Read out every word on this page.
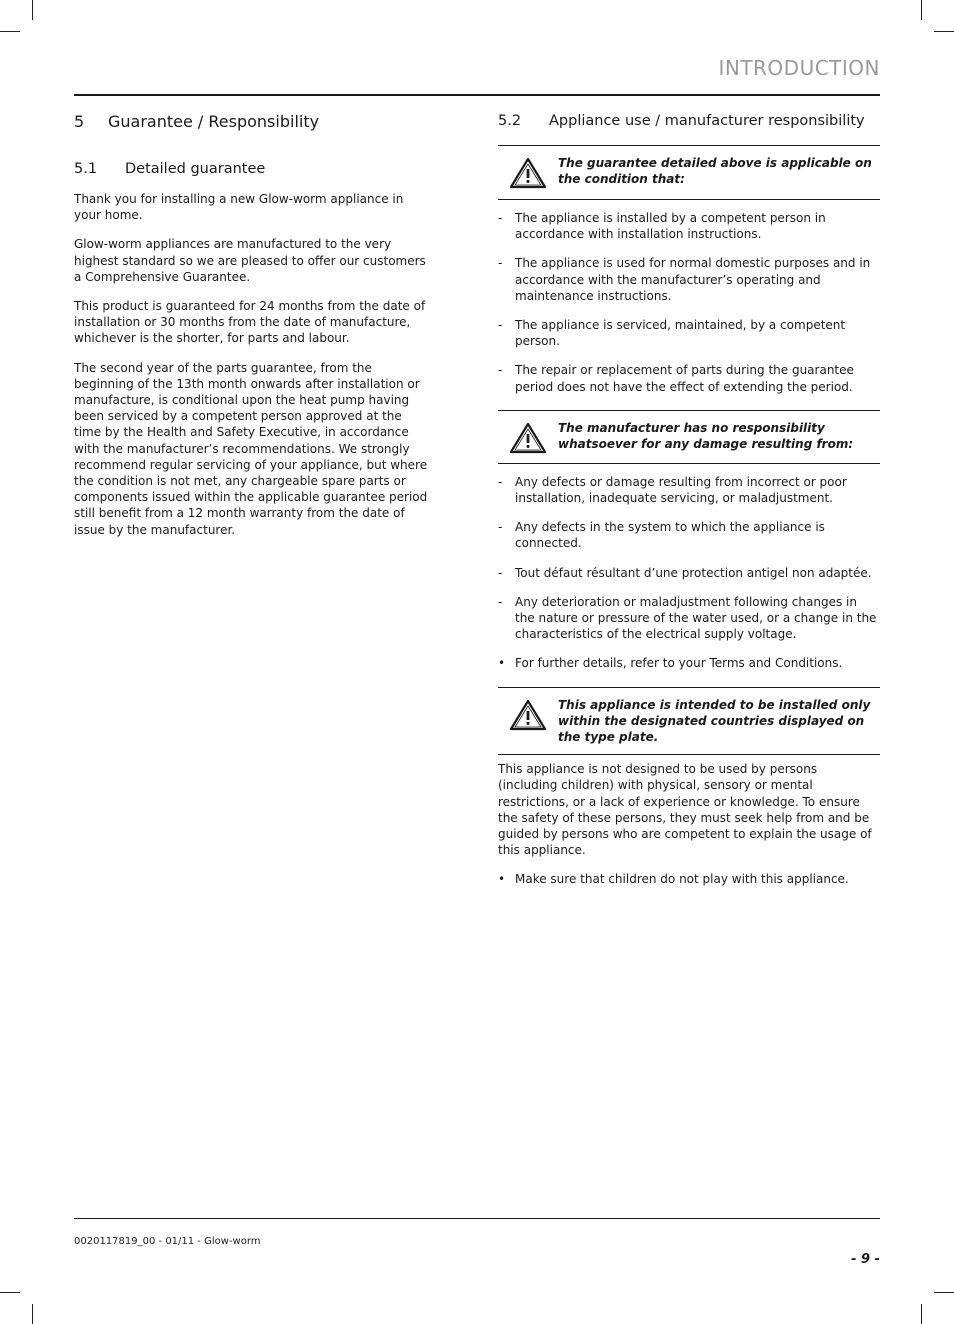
INTRODUCTION
5	Guarantee / Responsibility
5.1	Detailed guarantee

Thank you for installing a new Glow-worm appliance in your home.

Glow-worm appliances are manufactured to the very highest standard so we are pleased to offer our customers a Comprehensive Guarantee.

This product is guaranteed for 24 months from the date of installation or 30 months from the date of manufacture, whichever is the shorter, for parts and labour.

The second year of the parts guarantee, from the beginning of the 13th month onwards after installation or manufacture, is conditional upon the heat pump having been serviced by a competent person approved at the time by the Health and Safety Executive, in accordance with the manufacturer’s recommendations. We strongly recommend regular servicing of your appliance, but where the condition is not met, any chargeable spare parts or components issued within the applicable guarantee period still benefit from a 12 month warranty from the date of issue by the manufacturer.

5.2	Appliance use / manufacturer responsibility
The guarantee detailed above is applicable on the condition that:
-	The appliance is installed by a competent person in accordance with installation instructions.
-	The appliance is used for normal domestic purposes and in accordance with the manufacturer’s operating and maintenance instructions.
-	The appliance is serviced, maintained, by a competent person.
-	The repair or replacement of parts during the guarantee period does not have the effect of extending the period.
The manufacturer has no responsibility whatsoever for any damage resulting from:
-	Any defects or damage resulting from incorrect or poor installation, inadequate servicing, or maladjustment.
-	Any defects in the system to which the appliance is connected.
-	Tout défaut résultant d’une protection antigel non adaptée.
-	Any deterioration or maladjustment following changes in the nature or pressure of the water used, or a change in the characteristics of the electrical supply voltage.
• For further details, refer to your Terms and Conditions.
This appliance is intended to be installed only within the designated countries displayed on the type plate.

This appliance is not designed to be used by persons (including children) with physical, sensory or mental restrictions, or a lack of experience or knowledge. To ensure the safety of these persons, they must seek help from and be guided by persons who are competent to explain the usage of this appliance.

• Make sure that children do not play with this appliance.
0020117819_00 - 01/11 - Glow-worm
- 9 -
